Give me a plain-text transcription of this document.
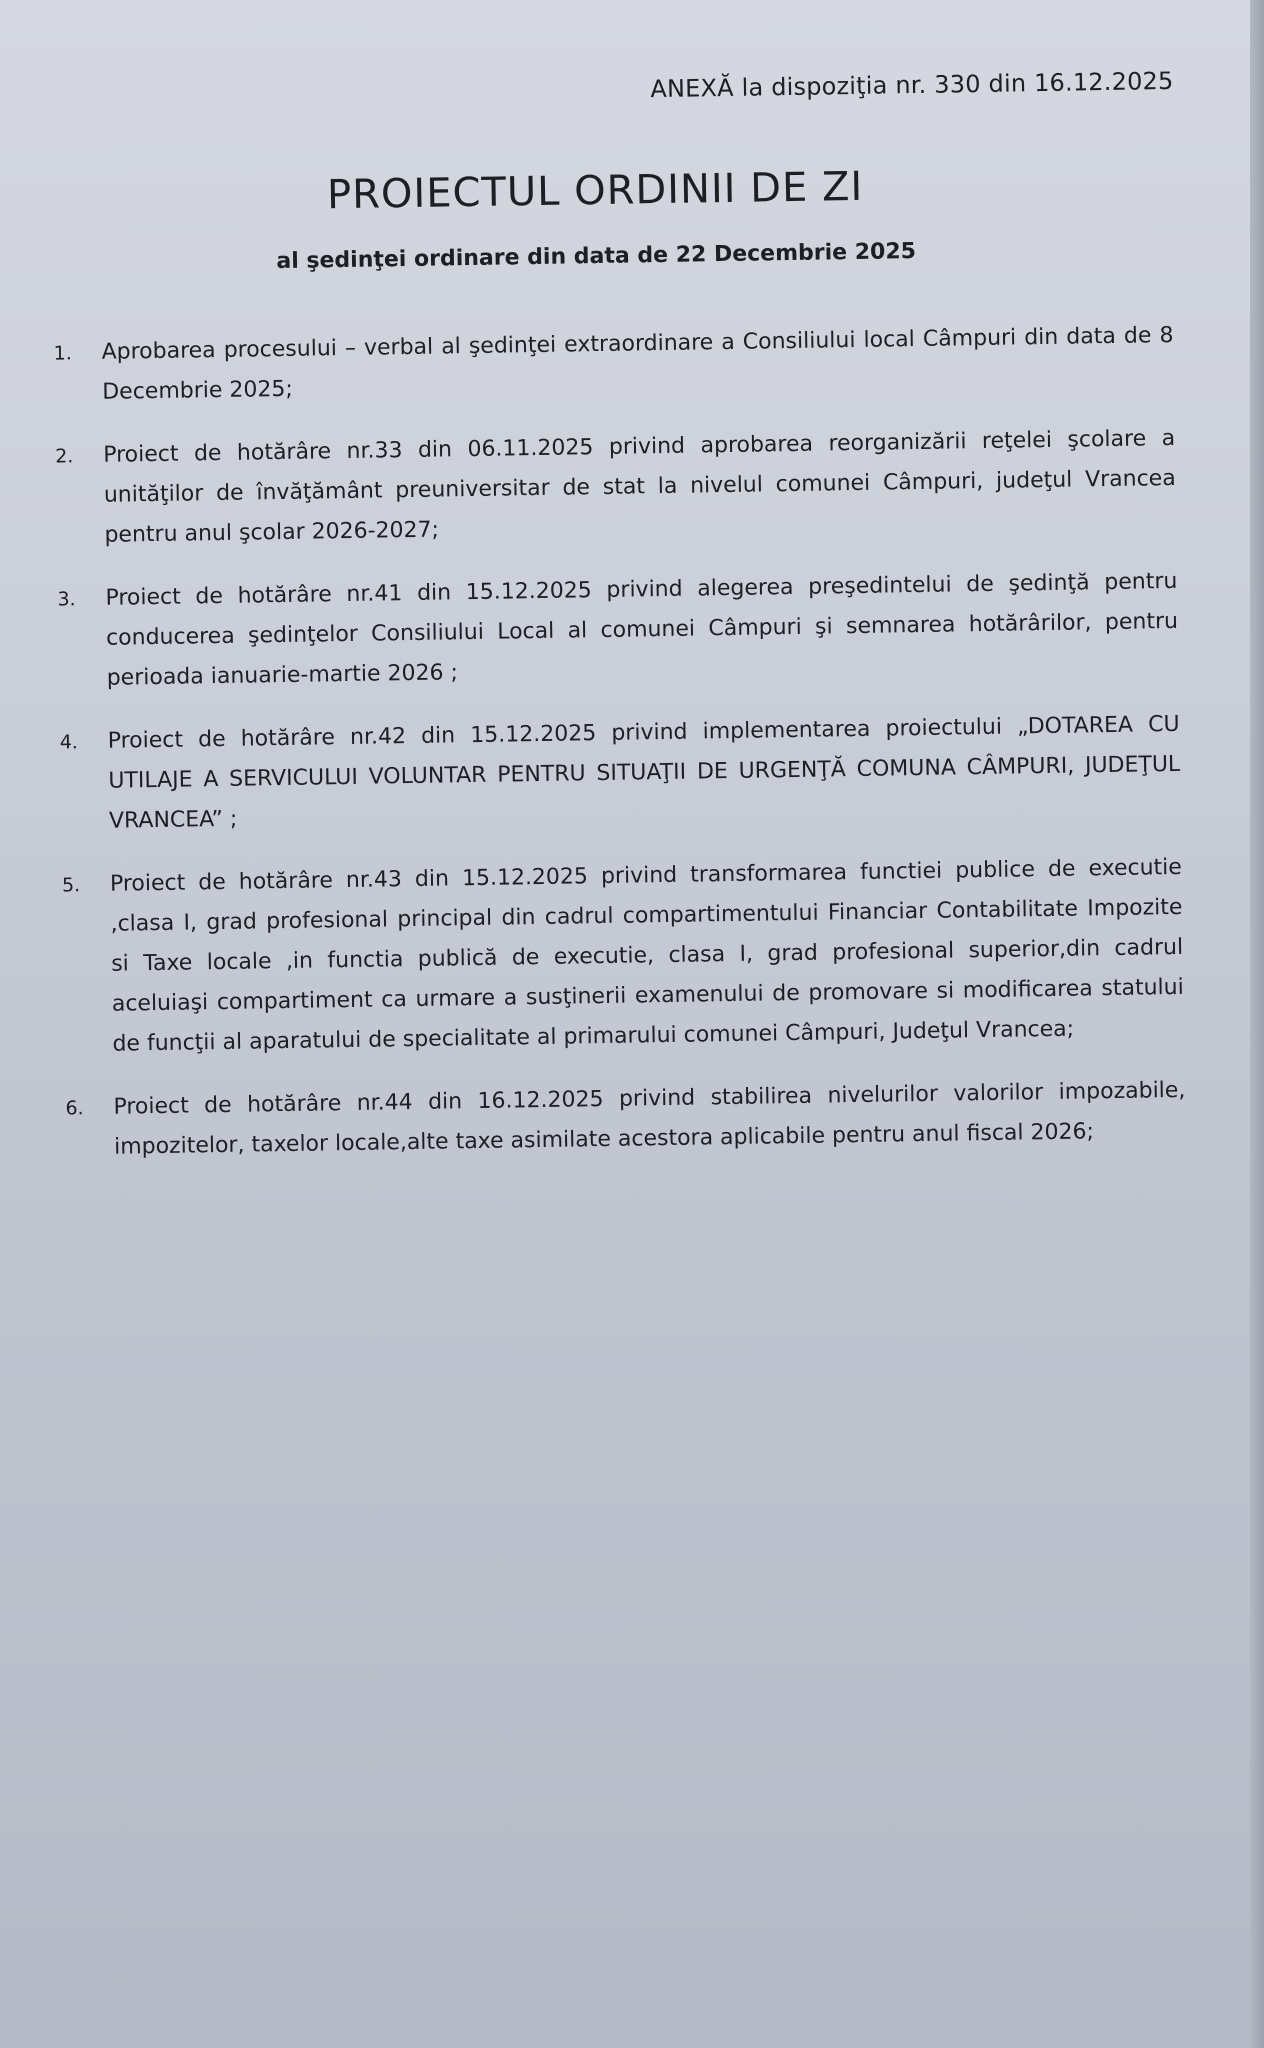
ANEXĂ la dispoziţia nr. 330 din 16.12.2025
PROIECTUL ORDINII DE ZI
al şedinţei ordinare din data de 22 Decembrie 2025
1.	Aprobarea procesului – verbal al şedinţei extraordinare a Consiliului local Câmpuri din data de 8 Decembrie 2025;
2.	Proiect de hotărâre nr.33 din 06.11.2025 privind aprobarea reorganizării reţelei şcolare a unităţilor de învăţământ preuniversitar de stat la nivelul comunei Câmpuri, judeţul Vrancea pentru anul şcolar 2026-2027;
3.	Proiect de hotărâre nr.41 din 15.12.2025 privind alegerea preşedintelui de şedinţă pentru conducerea şedinţelor Consiliului Local al comunei Câmpuri şi semnarea hotărârilor, pentru perioada ianuarie-martie 2026 ;
4.	Proiect de hotărâre nr.42 din 15.12.2025 privind implementarea proiectului „DOTAREA CU UTILAJE A SERVICULUI VOLUNTAR PENTRU SITUAŢII DE URGENŢĂ COMUNA CÂMPURI, JUDEŢUL VRANCEA” ;
5.	Proiect de hotărâre nr.43 din 15.12.2025 privind transformarea functiei publice de executie ,clasa I, grad profesional principal din cadrul compartimentului Financiar Contabilitate Impozite si Taxe locale ,in functia publică de executie, clasa I, grad profesional superior,din cadrul aceluiaşi compartiment ca urmare a susţinerii examenului de promovare si modificarea statului de funcţii al aparatului de specialitate al primarului comunei Câmpuri, Judeţul Vrancea;
6.	Proiect de hotărâre nr.44 din 16.12.2025 privind stabilirea nivelurilor valorilor impozabile, impozitelor, taxelor locale,alte taxe asimilate acestora aplicabile pentru anul fiscal 2026;
